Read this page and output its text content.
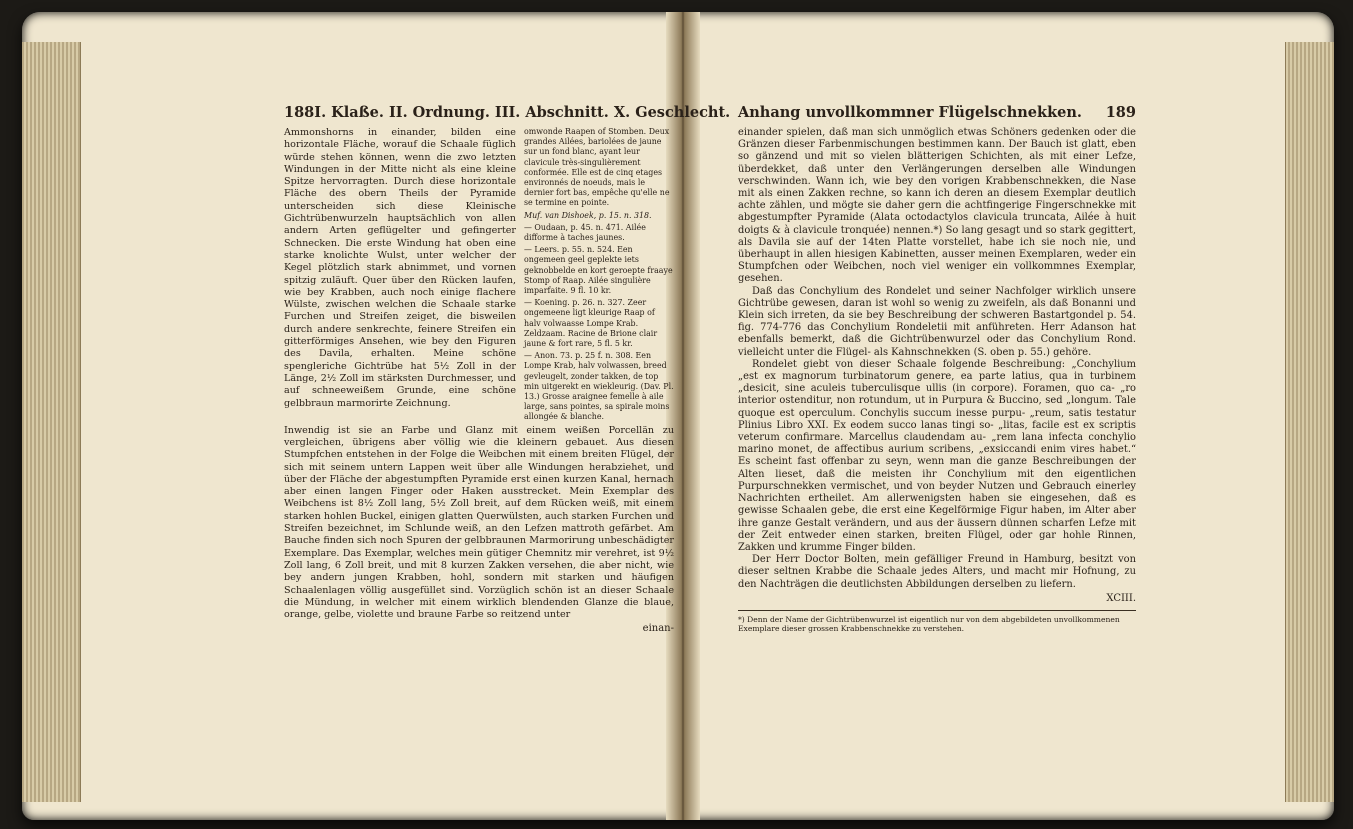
188 I. Klaße. II. Ordnung. III. Abschnitt. X. Geschlecht.

Ammonshorns in einander, bilden eine horizontale Fläche, worauf die Schaale füglich würde stehen können, wenn die zwo letzten Windungen in der Mitte nicht als eine kleine Spitze hervorragten. Durch diese horizontale Fläche des obern Theils der Pyramide unterscheiden sich diese Kleinische Gichtrübenwurzeln hauptsächlich von allen andern Arten geflügelter und gefingerter Schnecken. Die erste Windung hat oben eine starke knolichte Wulst, unter welcher der Kegel plötzlich stark abnimmet, und vornen spitzig zuläuft. Quer über den Rücken laufen, wie bey Krabben, auch noch einige flachere Wülste, zwischen welchen die Schaale starke Furchen und Streifen zeiget, die bisweilen durch andere senkrechte, feinere Streifen ein gitterförmiges Ansehen, wie bey den Figuren des Davila, erhalten. Meine schöne spengleriche Gichtrübe hat 5½ Zoll in der Länge, 2½ Zoll im stärksten Durchmesser, und auf schneeweißem Grunde, eine schöne gelbbraun marmorirte Zeichnung.

omwonde Raapen of Stomben. Deux grandes Ailées, bariolées de jaune sur un fond blanc, ayant leur clavicule très-singulièrement conformée. Elle est de cinq etages environnés de noeuds, mais le dernier fort bas, empêche qu'elle ne se termine en pointe.

Muf. van Dishoek, p. 15. n. 318.

— Oudaan, p. 45. n. 471. Ailée difforme à taches jaunes.

— Leers. p. 55. n. 524. Een ongemeen geel geplekte iets geknobbelde en kort geroepte fraaye Stomp of Raap. Ailée singulière imparfaite. 9 fl. 10 kr.

— Koening. p. 26. n. 327. Zeer ongemeene ligt kleurige Raap of halv volwaasse Lompe Krab. Zeldzaam. Racine de Brione clair jaune & fort rare, 5 fl. 5 kr.

— Anon. 73. p. 25 f. n. 308. Een Lompe Krab, halv volwassen, breed gevleugelt, zonder takken, de top min uitgerekt en wiekleurig. (Dav. Pl. 13.) Grosse araignee femelle à aile large, sans pointes, sa spirale moins allongée & blanche.

Inwendig ist sie an Farbe und Glanz mit einem weißen Porcellän zu vergleichen, übrigens aber völlig wie die kleinern gebauet. Aus diesen Stumpfchen entstehen in der Folge die Weibchen mit einem breiten Flügel, der sich mit seinem untern Lappen weit über alle Windungen herabziehet, und über der Fläche der abgestumpften Pyramide erst einen kurzen Kanal, hernach aber einen langen Finger oder Haken ausstrecket. Mein Exemplar des Weibchens ist 8½ Zoll lang, 5½ Zoll breit, auf dem Rücken weiß, mit einem starken hohlen Buckel, einigen glatten Querwülsten, auch starken Furchen und Streifen bezeichnet, im Schlunde weiß, an den Lefzen mattroth gefärbet. Am Bauche finden sich noch Spuren der gelbbraunen Marmorirung unbeschädigter Exemplare. Das Exemplar, welches mein gütiger Chemnitz mir verehret, ist 9½ Zoll lang, 6 Zoll breit, und mit 8 kurzen Zakken versehen, die aber nicht, wie bey andern jungen Krabben, hohl, sondern mit starken und häufigen Schaalenlagen völlig ausgefüllet sind. Vorzüglich schön ist an dieser Schaale die Mündung, in welcher mit einem wirklich blendenden Glanze die blaue, orange, gelbe, violette und braune Farbe so reitzend unter

einan-
Anhang unvollkommner Flügelschnekken. 189

einander spielen, daß man sich unmöglich etwas Schöners gedenken oder die Gränzen dieser Farbenmischungen bestimmen kann. Der Bauch ist glatt, eben so gänzend und mit so vielen blätterigen Schichten, als mit einer Lefze, überdekket, daß unter den Verlängerungen derselben alle Windungen verschwinden. Wann ich, wie bey den vorigen Krabbenschnekken, die Nase mit als einen Zakken rechne, so kann ich deren an diesem Exemplar deutlich achte zählen, und mögte sie daher gern die achtfingerige Fingerschnekke mit abgestumpfter Pyramide (Alata octodactylos clavicula truncata, Ailée à huit doigts & à clavicule tronquée) nennen.*) So lang gesagt und so stark gegittert, als Davila sie auf der 14ten Platte vorstellet, habe ich sie noch nie, und überhaupt in allen hiesigen Kabinetten, ausser meinen Exemplaren, weder ein Stumpfchen oder Weibchen, noch viel weniger ein vollkommnes Exemplar, gesehen.

Daß das Conchylium des Rondelet und seiner Nachfolger wirklich unsere Gichtrübe gewesen, daran ist wohl so wenig zu zweifeln, als daß Bonanni und Klein sich irreten, da sie bey Beschreibung der schweren Bastartgondel p. 54. fig. 774-776 das Conchylium Rondeletii mit anführeten. Herr Adanson hat ebenfalls bemerkt, daß die Gichtrübenwurzel oder das Conchylium Rond. vielleicht unter die Flügel- als Kahnschnekken (S. oben p. 55.) gehöre.

Rondelet giebt von dieser Schaale folgende Beschreibung: „Conchylium „est ex magnorum turbinatorum genere, ea parte latius, qua in turbinem „desicit, sine aculeis tuberculisque ullis (in corpore). Foramen, quo ca- „ro interior ostenditur, non rotundum, ut in Purpura & Buccino, sed „longum. Tale quoque est operculum. Conchylis succum inesse purpu- „reum, satis testatur Plinius Libro XXI. Ex eodem succo lanas tingi so- „litas, facile est ex scriptis veterum confirmare. Marcellus claudendam au- „rem lana infecta conchylio marino monet, de affectibus aurium scribens, „exsiccandi enim vires habet.“ Es scheint fast offenbar zu seyn, wenn man die ganze Beschreibungen der Alten lieset, daß die meisten ihr Conchylium mit den eigentlichen Purpurschnekken vermischet, und von beyder Nutzen und Gebrauch einerley Nachrichten ertheilet. Am allerwenigsten haben sie eingesehen, daß es gewisse Schaalen gebe, die erst eine Kegelförmige Figur haben, im Alter aber ihre ganze Gestalt verändern, und aus der äussern dünnen scharfen Lefze mit der Zeit entweder einen starken, breiten Flügel, oder gar hohle Rinnen, Zakken und krumme Finger bilden.

Der Herr Doctor Bolten, mein gefälliger Freund in Hamburg, besitzt von dieser seltnen Krabbe die Schaale jedes Alters, und macht mir Hofnung, zu den Nachträgen die deutlichsten Abbildungen derselben zu liefern.

XCIII.
*) Denn der Name der Gichtrübenwurzel ist eigentlich nur von dem abgebildeten unvollkommenen Exemplare dieser grossen Krabbenschnekke zu verstehen.
